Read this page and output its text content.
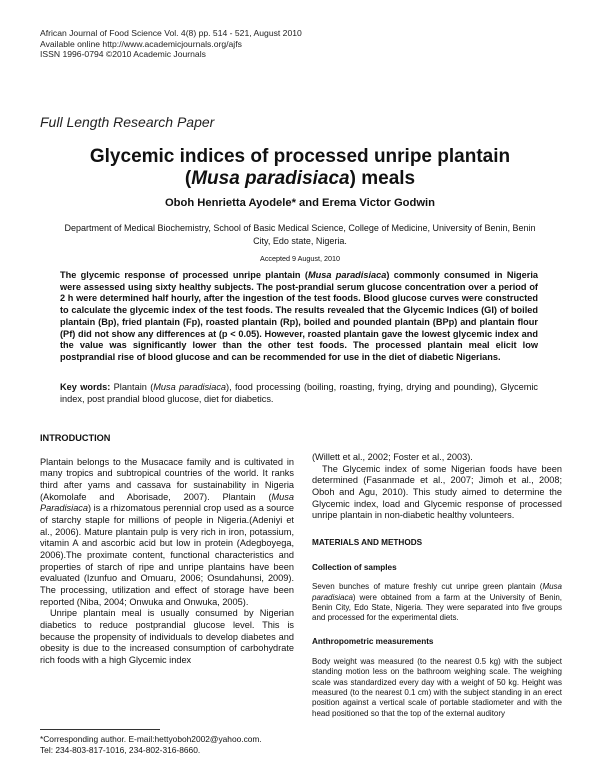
African Journal of Food Science Vol. 4(8) pp. 514 - 521, August 2010
Available online http://www.academicjournals.org/ajfs
ISSN 1996-0794 ©2010 Academic Journals
Full Length Research Paper
Glycemic indices of processed unripe plantain
(Musa paradisiaca) meals
Oboh Henrietta Ayodele* and Erema Victor Godwin
Department of Medical Biochemistry, School of Basic Medical Science, College of Medicine, University of Benin, Benin City, Edo state, Nigeria.
Accepted 9 August, 2010
The glycemic response of processed unripe plantain (Musa paradisiaca) commonly consumed in Nigeria were assessed using sixty healthy subjects. The post-prandial serum glucose concentration over a period of 2 h were determined half hourly, after the ingestion of the test foods. Blood glucose curves were constructed to calculate the glycemic index of the test foods. The results revealed that the Glycemic Indices (GI) of boiled plantain (Bp), fried plantain (Fp), roasted plantain (Rp), boiled and pounded plantain (BPp) and plantain flour (Pf) did not show any differences at (p < 0.05). However, roasted plantain gave the lowest glycemic index and the value was significantly lower than the other test foods. The processed plantain meal elicit low postprandial rise of blood glucose and can be recommended for use in the diet of diabetic Nigerians.
Key words: Plantain (Musa paradisiaca), food processing (boiling, roasting, frying, drying and pounding), Glycemic index, post prandial blood glucose, diet for diabetics.
INTRODUCTION

Plantain belongs to the Musacace family and is cultivated in many tropics and subtropical countries of the world. It ranks third after yams and cassava for sustainability in Nigeria (Akomolafe and Aborisade, 2007). Plantain (Musa Paradisiaca) is a rhizomatous perennial crop used as a source of starchy staple for millions of people in Nigeria.(Adeniyi et al., 2006). Mature plantain pulp is very rich in iron, potassium, vitamin A and ascorbic acid but low in protein (Adegboyega, 2006).The proximate content, functional characteristics and properties of starch of ripe and unripe plantains have been evaluated (Izunfuo and Omuaru, 2006; Osundahunsi, 2009). The processing, utilization and effect of storage have been reported (Niba, 2004; Onwuka and Onwuka, 2005).

Unripe plantain meal is usually consumed by Nigerian diabetics to reduce postprandial glucose level. This is because the propensity of individuals to develop diabetes and obesity is due to the increased consumption of carbohydrate rich foods with a high Glycemic index

(Willett et al., 2002; Foster et al., 2003).

The Glycemic index of some Nigerian foods have been determined (Fasanmade et al., 2007; Jimoh et al., 2008; Oboh and Agu, 2010). This study aimed to determine the Glycemic index, load and Glycemic response of processed unripe plantain in non-diabetic healthy volunteers.

MATERIALS AND METHODS
Collection of samples

Seven bunches of mature freshly cut unripe green plantain (Musa paradisiaca) were obtained from a farm at the University of Benin, Benin City, Edo State, Nigeria. They were separated into five groups and processed for the experimental diets.

Anthropometric measurements

Body weight was measured (to the nearest 0.5 kg) with the subject standing motion less on the bathroom weighing scale. The weighing scale was standardized every day with a weight of 50 kg. Height was measured (to the nearest 0.1 cm) with the subject standing in an erect position against a vertical scale of portable stadiometer and with the head positioned so that the top of the external auditory

*Corresponding author. E-mail:hettyoboh2002@yahoo.com.
Tel: 234-803-817-1016, 234-802-316-8660.
